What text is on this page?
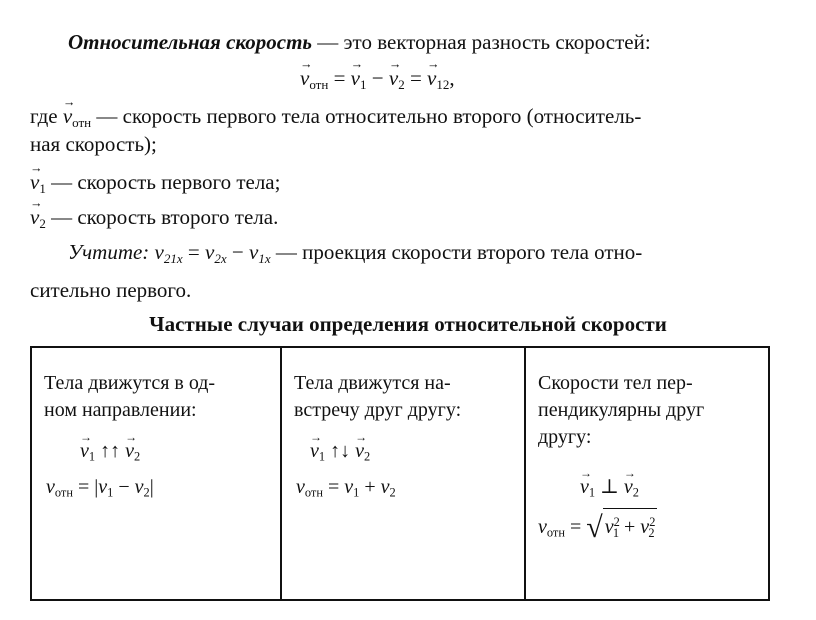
Относительная скорость — это векторная разность скоростей:
→ $v_{отн}$ = → $v_1$ − → $v_2$ = → $v_{12}$,
где → $v_{отн}$ — скорость первого тела относительно второго (относитель-
ная скорость);
→ $v_1$ — скорость первого тела;
→ $v_2$ — скорость второго тела.
Учтите: v21x = v2x − v1x — проекция скорости второго тела отно-
сительно первого.
Частные случаи определения относительной скорости
Тела движутся в од-
ном направлении:
→ $v_1$ ↑↑ → $v_2$
$v_{отн} = |v_1 - v_2|$
Тела движутся на-
встречу друг другу:
→ $v_1$ ↑↓ → $v_2$
$v_{отн} = v_1 + v_2$
Скорости тел пер-
пендикулярны друг
другу:
→ $v_1$ ⊥ → $v_2$
$v_{отн}$ = √ $v^2_1 + v^2_2$
